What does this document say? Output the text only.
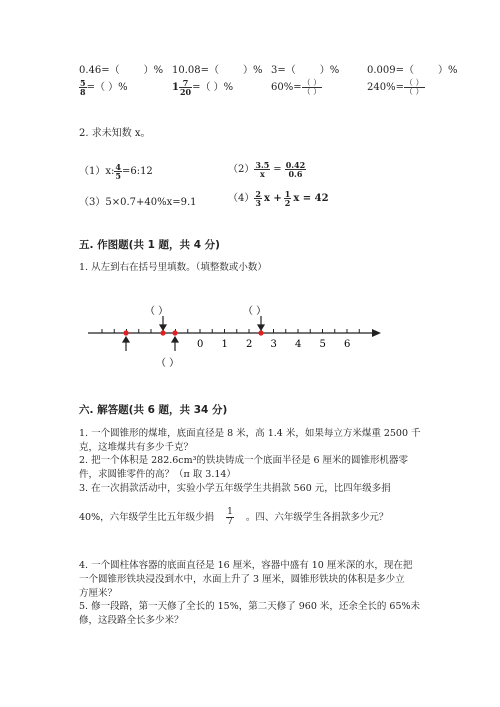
0.46=（ ）% 10.08=（ ）% 3=（ ）%	0.009=（ ）%
$\frac{5}{8}$ =（ ）%	$1 \frac{7}{20}$ =（ ）%	$60\%= \frac{( )}{( )}$	$240\%= \frac{( )}{( )}$
2. 求未知数 x。
（1）x: $\frac{4}{5}$ =6:12	$(2) \frac{3.5}{x} = \frac{0.42}{0.6}$
（3）5×0.7+40%x=9.1	$(4) \frac{2}{3}$ $x + \frac{1}{2}$ x = 42
五. 作图题(共 1 题，共 4 分)
1. 从左到右在括号里填数。（填整数或小数）
（ ）	（ ）
（ ）
0 1 2 3 4 5 6
六. 解答题(共 6 题，共 34 分)
1. 一个圆锥形的煤堆，底面直径是 8 米，高 1.4 米，如果每立方米煤重 2500 千
克，这堆煤共有多少千克？
2. 把一个体积是 282.6cm³的铁块铸成一个底面半径是 6 厘米的圆锥形机器零
件，求圆锥零件的高？（π 取 3.14）
3. 在一次捐款活动中，实验小学五年级学生共捐款 560 元，比四年级多捐
40%，六年级学生比五年级少捐 $\frac{1}{7}$ 。四、六年级学生各捐款多少元？
4. 一个圆柱体容器的底面直径是 16 厘米，容器中盛有 10 厘米深的水，现在把
一个圆锥形铁块浸没到水中，水面上升了 3 厘米，圆锥形铁块的体积是多少立
方厘米？
5. 修一段路，第一天修了全长的 15%，第二天修了 960 米，还余全长的 65%未
修，这段路全长多少米？
